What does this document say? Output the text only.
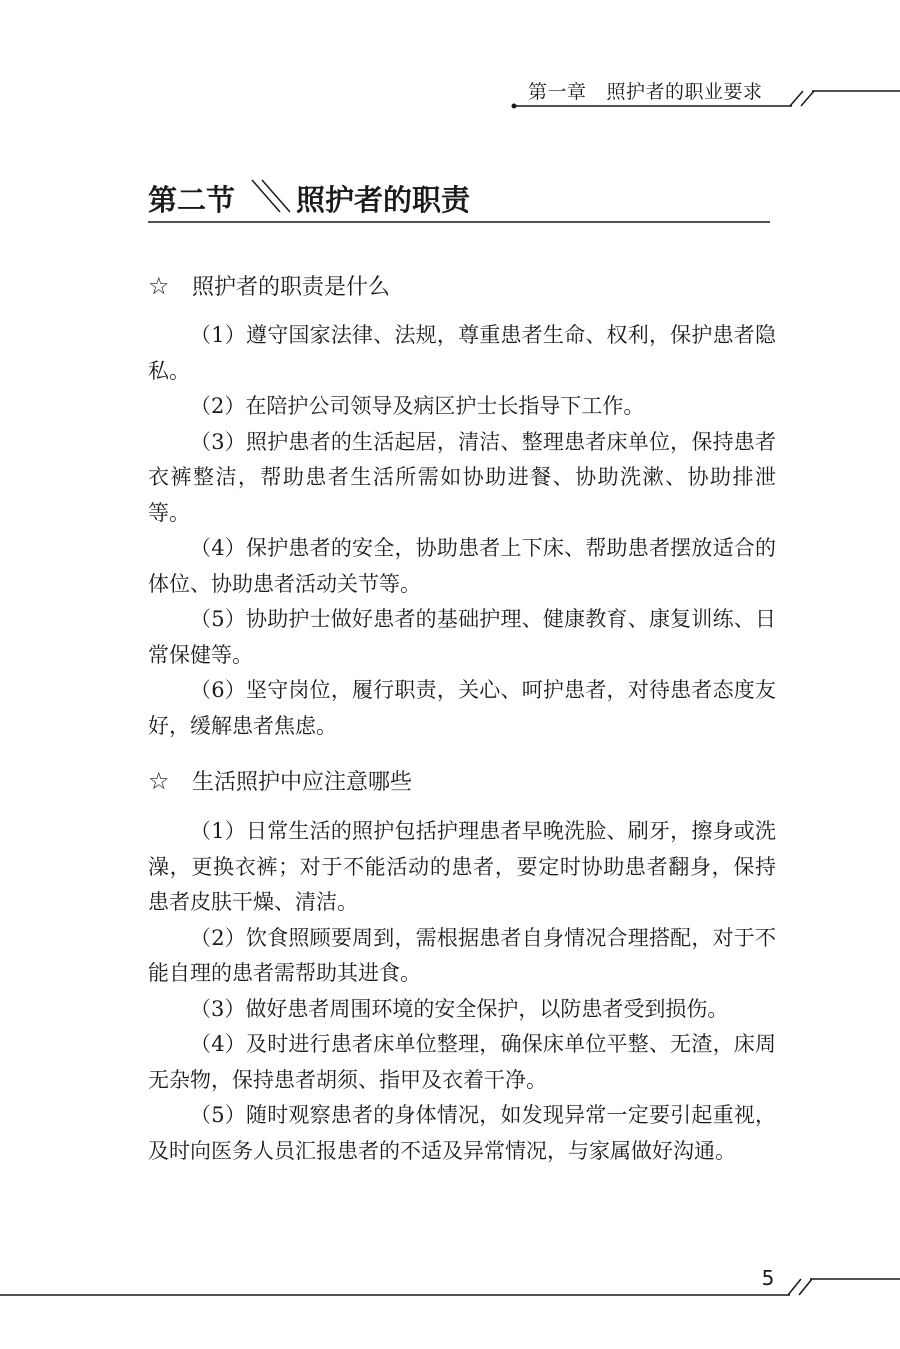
第一章 照护者的职业要求
第二节 照护者的职责
☆ 照护者的职责是什么

（1）遵守国家法律、法规，尊重患者生命、权利，保护患者隐私。

（2）在陪护公司领导及病区护士长指导下工作。

（3）照护患者的生活起居，清洁、整理患者床单位，保持患者衣裤整洁，帮助患者生活所需如协助进餐、协助洗漱、协助排泄等。

（4）保护患者的安全，协助患者上下床、帮助患者摆放适合的体位、协助患者活动关节等。

（5）协助护士做好患者的基础护理、健康教育、康复训练、日常保健等。

（6）坚守岗位，履行职责，关心、呵护患者，对待患者态度友好，缓解患者焦虑。

☆ 生活照护中应注意哪些

（1）日常生活的照护包括护理患者早晚洗脸、刷牙，擦身或洗澡，更换衣裤；对于不能活动的患者，要定时协助患者翻身，保持患者皮肤干燥、清洁。

（2）饮食照顾要周到，需根据患者自身情况合理搭配，对于不能自理的患者需帮助其进食。

（3）做好患者周围环境的安全保护，以防患者受到损伤。

（4）及时进行患者床单位整理，确保床单位平整、无渣，床周无杂物，保持患者胡须、指甲及衣着干净。

（5）随时观察患者的身体情况，如发现异常一定要引起重视，及时向医务人员汇报患者的不适及异常情况，与家属做好沟通。

5
